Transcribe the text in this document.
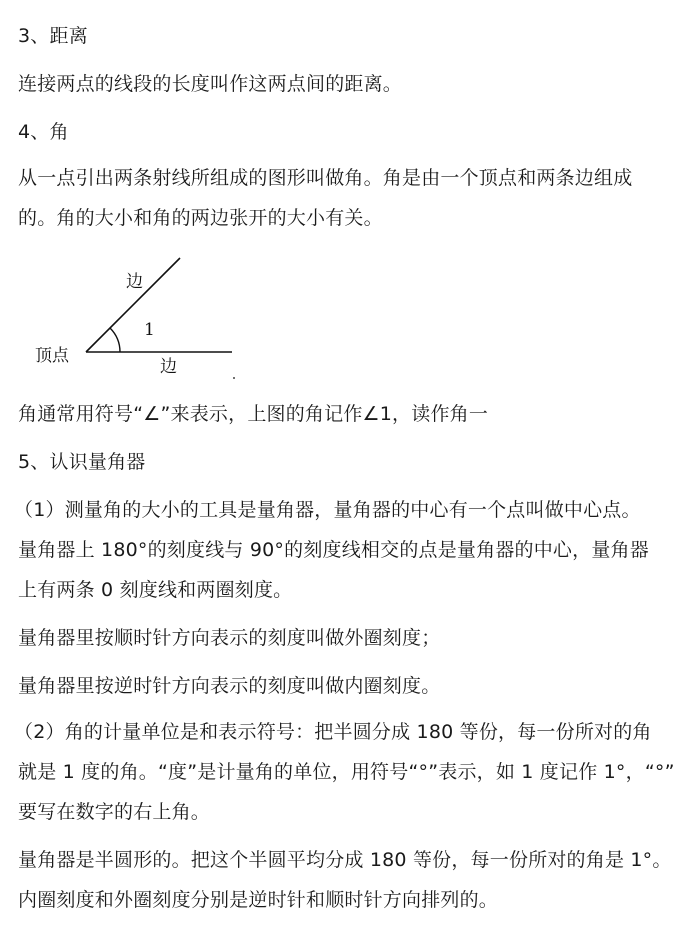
3、距离
连接两点的线段的长度叫作这两点间的距离。
4、角
从一点引出两条射线所组成的图形叫做角。角是由一个顶点和两条边组成
的。角的大小和角的两边张开的大小有关。
边
1
顶点
边
角通常用符号“∠”来表示，上图的角记作∠1，读作角一
5、认识量角器
（1）测量角的大小的工具是量角器，量角器的中心有一个点叫做中心点。
量角器上 180°的刻度线与 90°的刻度线相交的点是量角器的中心，量角器
上有两条 0 刻度线和两圈刻度。
量角器里按顺时针方向表示的刻度叫做外圈刻度；
量角器里按逆时针方向表示的刻度叫做内圈刻度。
（2）角的计量单位是和表示符号：把半圆分成 180 等份，每一份所对的角
就是 1 度的角。“度”是计量角的单位，用符号“°”表示，如 1 度记作 1°，“°”
要写在数字的右上角。
量角器是半圆形的。把这个半圆平均分成 180 等份，每一份所对的角是 1°。
内圈刻度和外圈刻度分别是逆时针和顺时针方向排列的。
